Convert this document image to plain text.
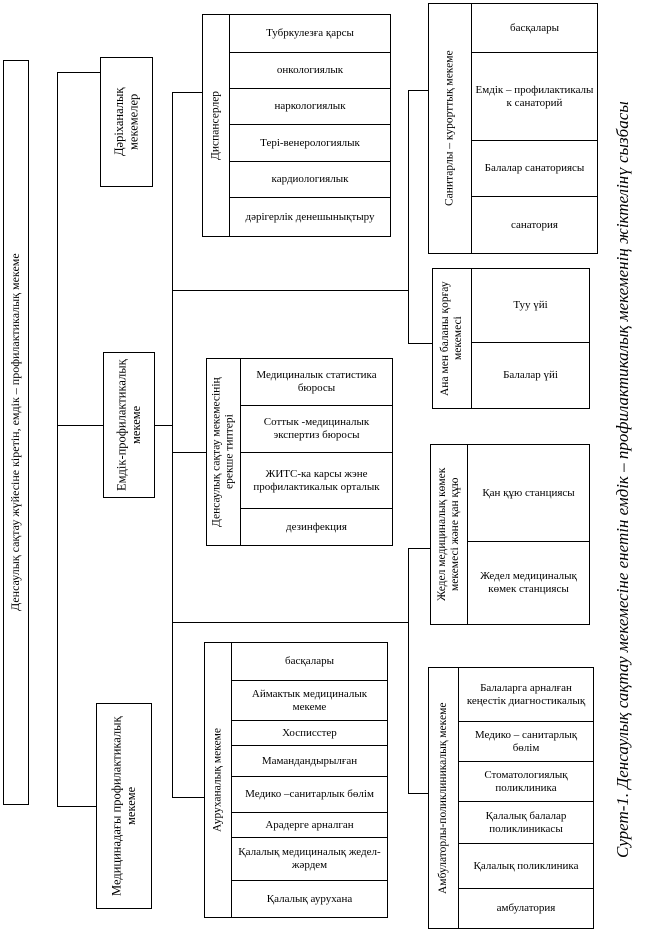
Денсаулық сақтау жүйесіне кіретін, емдік – профилактикалық мекеме
Дәріханалық мекемелер
Емдік-профилактикалық мекеме
Медицинадағы профилактикалық мекеме
Диспансерлер
Тубркулезға қарсы
онкологиялык
наркологиялык
Тері-венерологиялык
кардиологиялык
дәрігерлік денешынықтыру
Санитарлы – курорттық мекеме
басқалары
Емдік – профилактикалы к санаторий
Балалар санаториясы
санатория
Ана мен баланы қорғау мекемесі
Туу үйі
Балалар үйі
Денсаулық сақтау мекемесінің ерекше типтері
Медициналык статистика бюросы
Соттык -медициналык экспертиз бюросы
ЖИТС-ка карсы жэне профилактикалык орталык
дезинфекция	Жедел медициналық көмек мекемесі және қан құю	Қан құю станциясы
Жедел медициналық көмек станциясы
Ауруханалық мекеме
басқалары
Аймактык медициналык мекеме
Хосписстер
Мамандандырылған
Медико –санитарлык бөлім
Арадерге арналган
Қалалық медициналық жедел-жәрдем
Қалалық аурухана
Амбулаторлы-поликлиникалық мекеме
Балаларга арналған кеңестік диагностикалық
Медико – санитарлық бөлім
Стоматологиялық поликлиника
Қалалық балалар поликлиникасы
Қалалық поликлиника
амбулатория
Сурет-1. Денсаулық сақтау мекемесіне енетін емдік – профилактикалық мекеменің жіктелінү сызбасы
